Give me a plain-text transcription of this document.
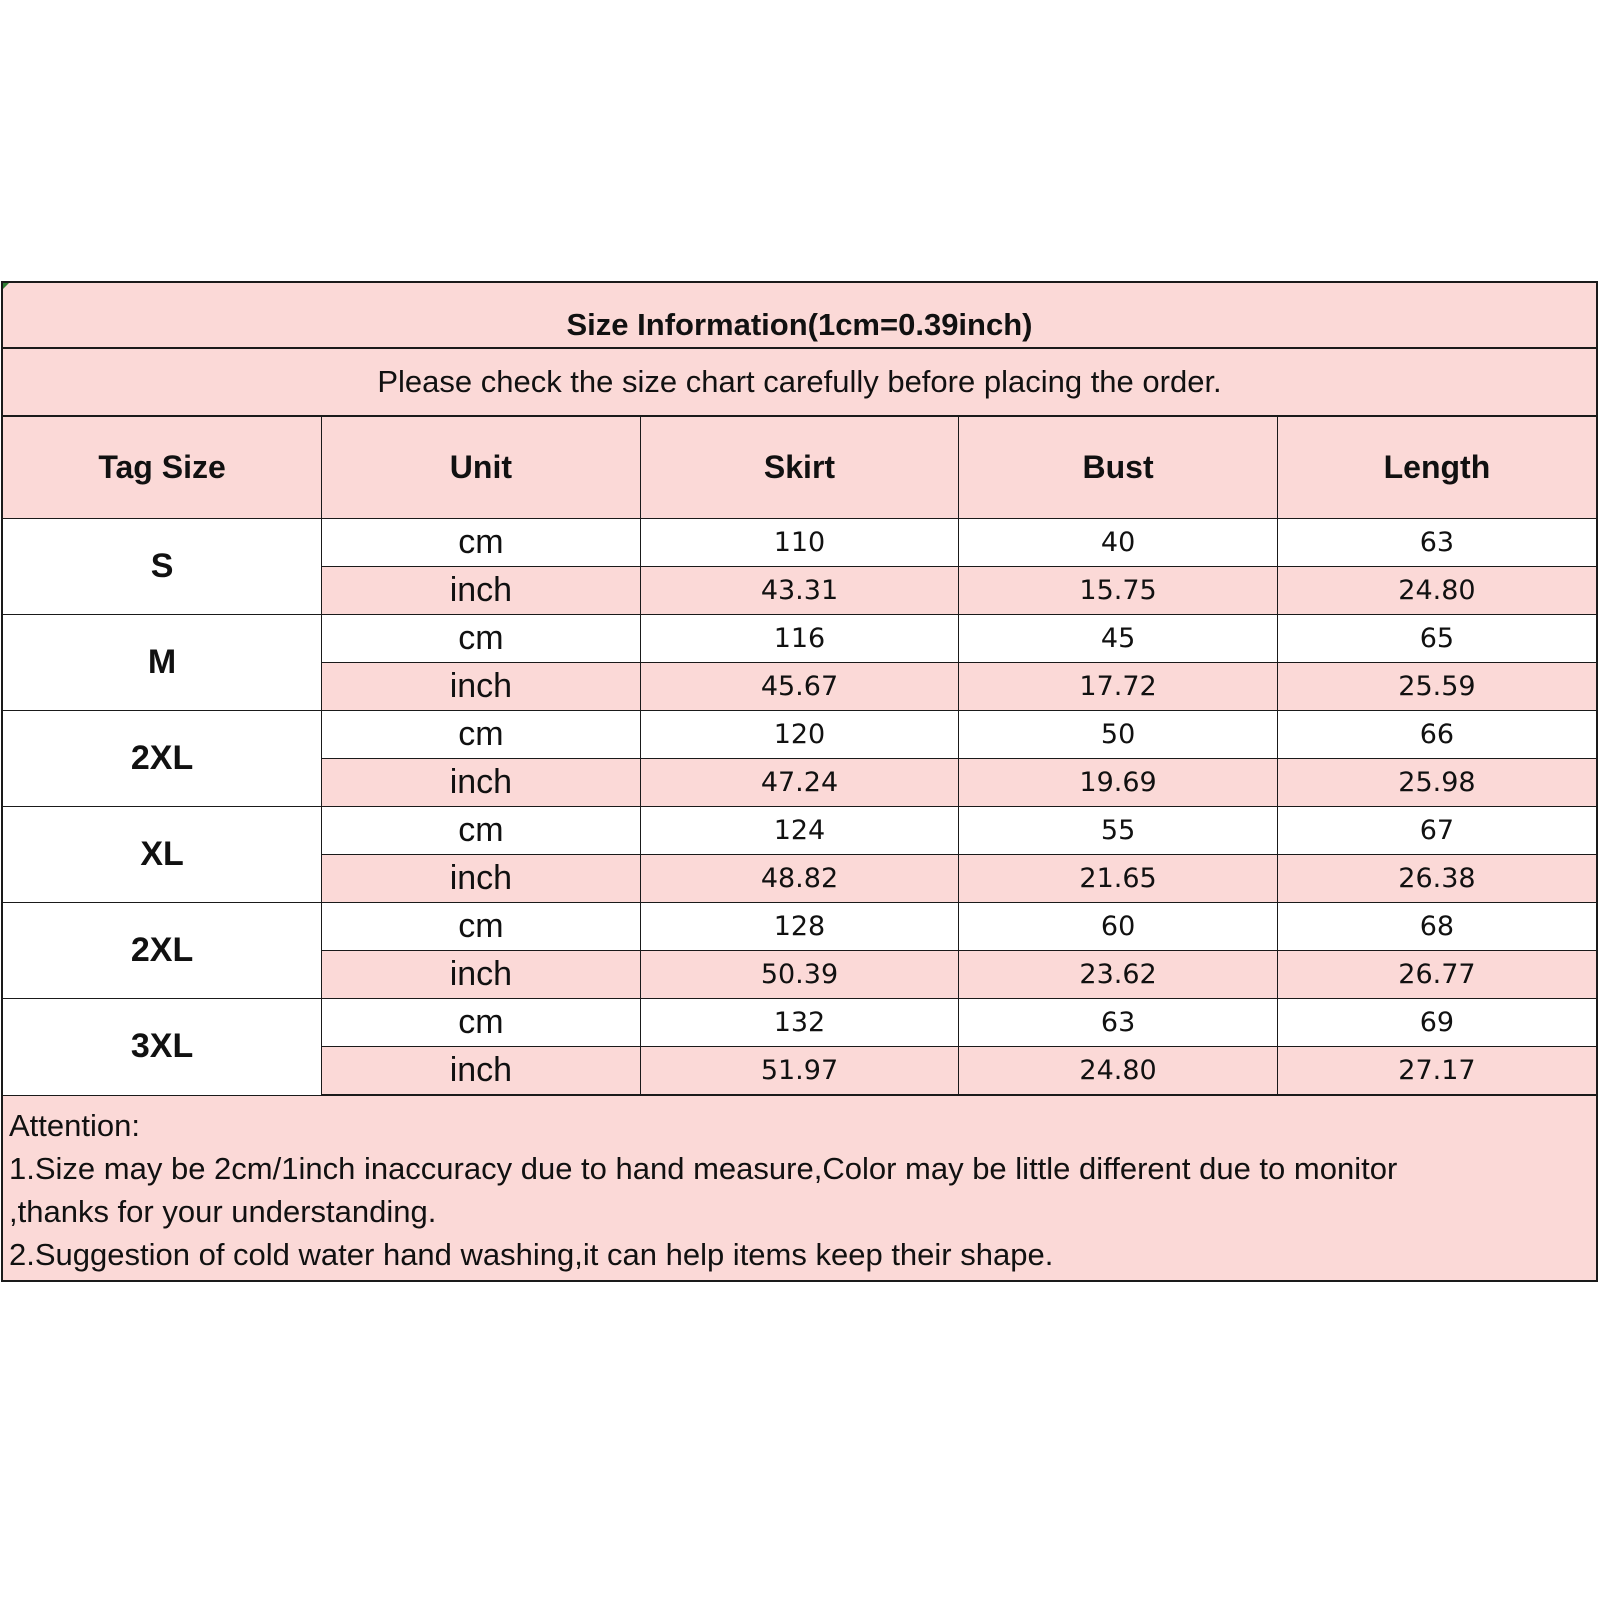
Size Information(1cm=0.39inch)
Please check the size chart carefully before placing the order.
Tag Size	Unit	Skirt	Bust	Length
S	cm	110	40	63
	inch	43.31	15.75	24.80
M	cm	116	45	65
	inch	45.67	17.72	25.59
2XL	cm	120	50	66
	inch	47.24	19.69	25.98
XL	cm	124	55	67
	inch	48.82	21.65	26.38
2XL	cm	128	60	68
	inch	50.39	23.62	26.77
3XL	cm	132	63	69
	inch	51.97	24.80	27.17
Attention:
1.Size may be 2cm/1inch inaccuracy due to hand measure,Color may be little different due to monitor
,thanks for your understanding.
2.Suggestion of cold water hand washing,it can help items keep their shape.
